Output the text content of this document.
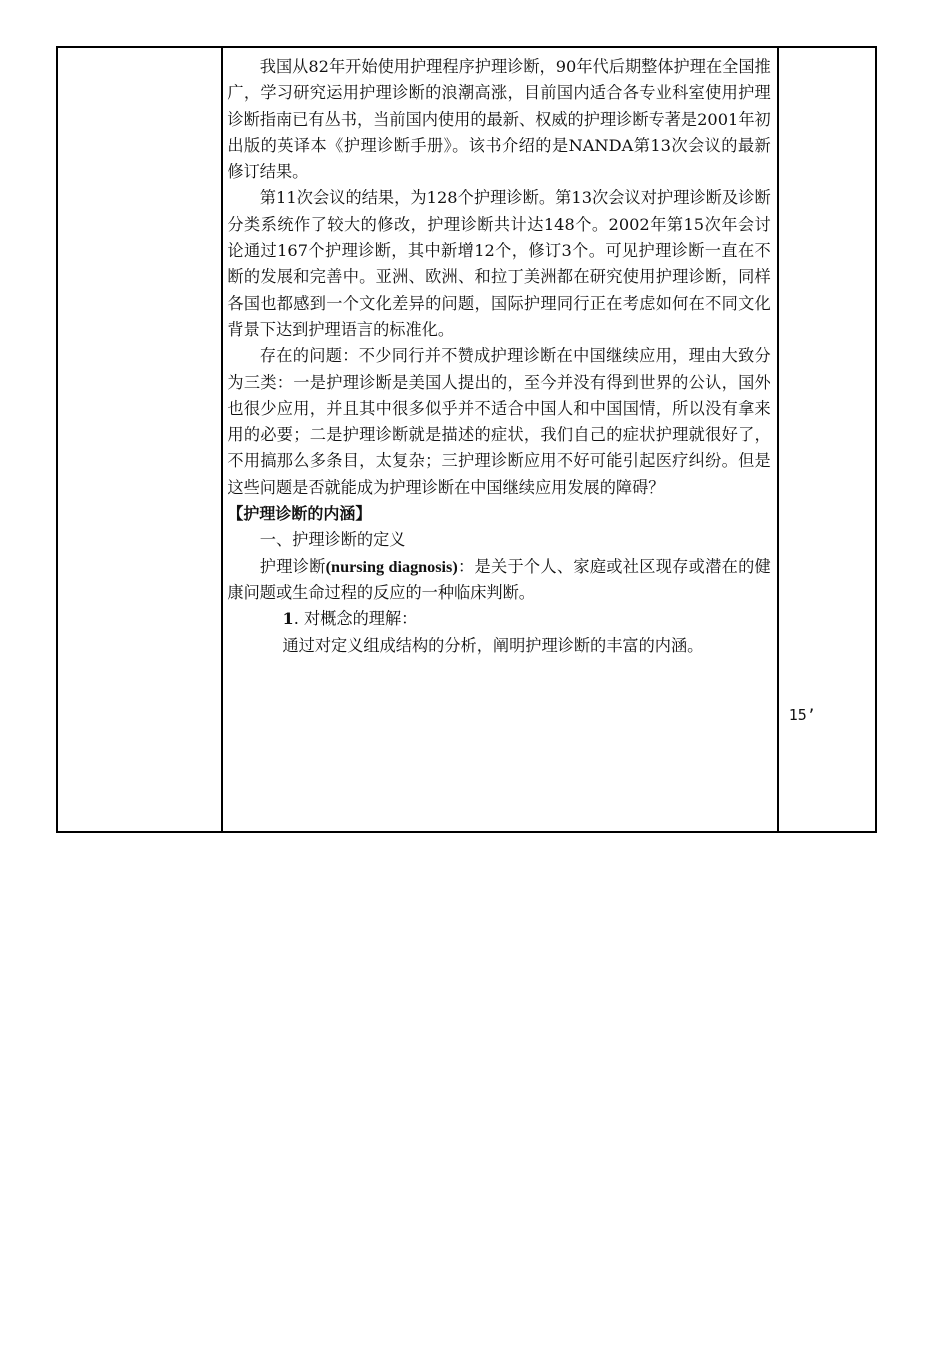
我国从82年开始使用护理程序护理诊断，90年代后期整体护理在全国推广，学习研究运用护理诊断的浪潮高涨，目前国内适合各专业科室使用护理诊断指南已有丛书，当前国内使用的最新、权威的护理诊断专著是2001年初出版的英译本《护理诊断手册》。该书介绍的是NANDA第13次会议的最新修订结果。

第11次会议的结果，为128个护理诊断。第13次会议对护理诊断及诊断分类系统作了较大的修改，护理诊断共计达148个。2002年第15次年会讨论通过167个护理诊断，其中新增12个，修订3个。可见护理诊断一直在不断的发展和完善中。亚洲、欧洲、和拉丁美洲都在研究使用护理诊断，同样各国也都感到一个文化差异的问题，国际护理同行正在考虑如何在不同文化背景下达到护理语言的标准化。

存在的问题：不少同行并不赞成护理诊断在中国继续应用，理由大致分为三类：一是护理诊断是美国人提出的，至今并没有得到世界的公认，国外也很少应用，并且其中很多似乎并不适合中国人和中国国情，所以没有拿来用的必要；二是护理诊断就是描述的症状，我们自己的症状护理就很好了，不用搞那么多条目，太复杂；三护理诊断应用不好可能引起医疗纠纷。但是这些问题是否就能成为护理诊断在中国继续应用发展的障碍？

【护理诊断的内涵】

一、护理诊断的定义

护理诊断(nursing diagnosis)：是关于个人、家庭或社区现存或潜在的健康问题或生命过程的反应的一种临床判断。

1. 对概念的理解：

通过对定义组成结构的分析，阐明护理诊断的丰富的内涵。

15’
